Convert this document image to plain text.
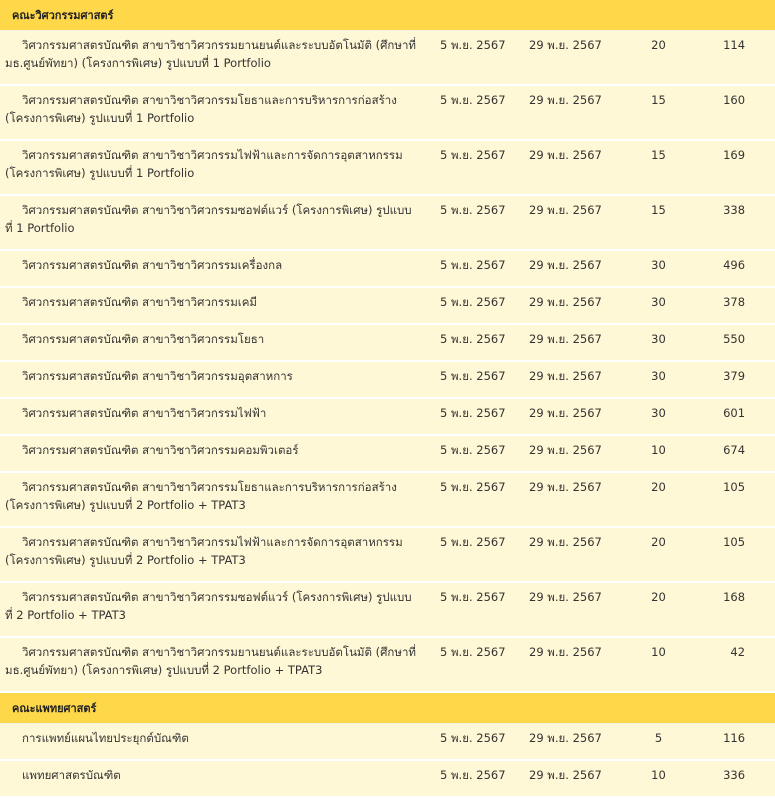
คณะวิศวกรรมศาสตร์				
วิศวกรรมศาสตรบัณฑิต สาขาวิชาวิศวกรรมยานยนต์และระบบอัตโนมัติ (ศึกษาที่ มธ.ศูนย์พัทยา) (โครงการพิเศษ) รูปแบบที่ 1 Portfolio	5 พ.ย. 2567	29 พ.ย. 2567	20	114
วิศวกรรมศาสตรบัณฑิต สาขาวิชาวิศวกรรมโยธาและการบริหารการก่อสร้าง (โครงการพิเศษ) รูปแบบที่ 1 Portfolio	5 พ.ย. 2567	29 พ.ย. 2567	15	160
วิศวกรรมศาสตรบัณฑิต สาขาวิชาวิศวกรรมไฟฟ้าและการจัดการอุตสาหกรรม (โครงการพิเศษ) รูปแบบที่ 1 Portfolio	5 พ.ย. 2567	29 พ.ย. 2567	15	169
วิศวกรรมศาสตรบัณฑิต สาขาวิชาวิศวกรรมซอฟต์แวร์ (โครงการพิเศษ) รูปแบบที่ 1 Portfolio	5 พ.ย. 2567	29 พ.ย. 2567	15	338
วิศวกรรมศาสตรบัณฑิต สาขาวิชาวิศวกรรมเครื่องกล	5 พ.ย. 2567	29 พ.ย. 2567	30	496
วิศวกรรมศาสตรบัณฑิต สาขาวิชาวิศวกรรมเคมี	5 พ.ย. 2567	29 พ.ย. 2567	30	378
วิศวกรรมศาสตรบัณฑิต สาขาวิชาวิศวกรรมโยธา	5 พ.ย. 2567	29 พ.ย. 2567	30	550
วิศวกรรมศาสตรบัณฑิต สาขาวิชาวิศวกรรมอุตสาหการ	5 พ.ย. 2567	29 พ.ย. 2567	30	379
วิศวกรรมศาสตรบัณฑิต สาขาวิชาวิศวกรรมไฟฟ้า	5 พ.ย. 2567	29 พ.ย. 2567	30	601
วิศวกรรมศาสตรบัณฑิต สาขาวิชาวิศวกรรมคอมพิวเตอร์	5 พ.ย. 2567	29 พ.ย. 2567	10	674
วิศวกรรมศาสตรบัณฑิต สาขาวิชาวิศวกรรมโยธาและการบริหารการก่อสร้าง (โครงการพิเศษ) รูปแบบที่ 2 Portfolio + TPAT3	5 พ.ย. 2567	29 พ.ย. 2567	20	105
วิศวกรรมศาสตรบัณฑิต สาขาวิชาวิศวกรรมไฟฟ้าและการจัดการอุตสาหกรรม (โครงการพิเศษ) รูปแบบที่ 2 Portfolio + TPAT3	5 พ.ย. 2567	29 พ.ย. 2567	20	105
วิศวกรรมศาสตรบัณฑิต สาขาวิชาวิศวกรรมซอฟต์แวร์ (โครงการพิเศษ) รูปแบบที่ 2 Portfolio + TPAT3	5 พ.ย. 2567	29 พ.ย. 2567	20	168
วิศวกรรมศาสตรบัณฑิต สาขาวิชาวิศวกรรมยานยนต์และระบบอัตโนมัติ (ศึกษาที่ มธ.ศูนย์พัทยา) (โครงการพิเศษ) รูปแบบที่ 2 Portfolio + TPAT3	5 พ.ย. 2567	29 พ.ย. 2567	10	42
คณะแพทยศาสตร์				
การแพทย์แผนไทยประยุกต์บัณฑิต	5 พ.ย. 2567	29 พ.ย. 2567	5	116
แพทยศาสตรบัณฑิต	5 พ.ย. 2567	29 พ.ย. 2567	10	336
